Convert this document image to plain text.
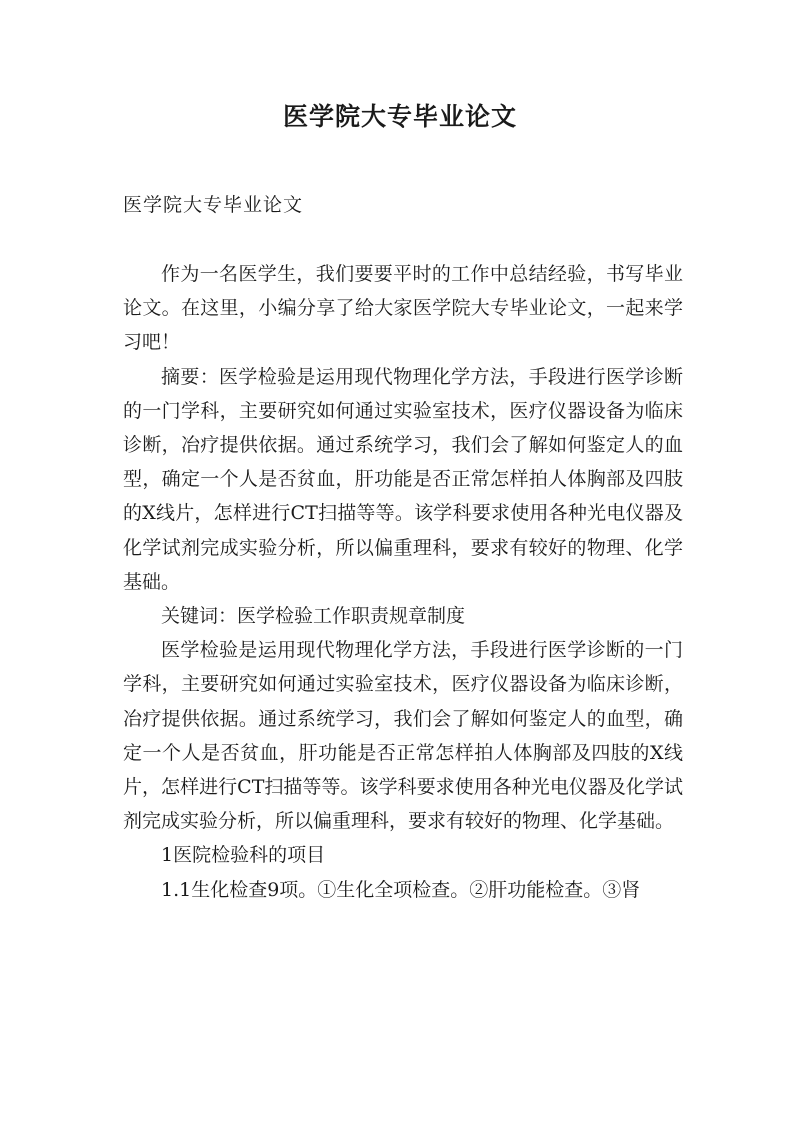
医学院大专毕业论文
医学院大专毕业论文

作为一名医学生，我们要要平时的工作中总结经验，书写毕业论文。在这里，小编分享了给大家医学院大专毕业论文，一起来学习吧！

摘要：医学检验是运用现代物理化学方法，手段进行医学诊断的一门学科，主要研究如何通过实验室技术，医疗仪器设备为临床诊断，冶疗提供依据。通过系统学习，我们会了解如何鉴定人的血型，确定一个人是否贫血，肝功能是否正常怎样拍人体胸部及四肢的X线片，怎样进行CT扫描等等。该学科要求使用各种光电仪器及化学试剂完成实验分析，所以偏重理科，要求有较好的物理、化学基础。

关键词：医学检验工作职责规章制度

医学检验是运用现代物理化学方法，手段进行医学诊断的一门学科，主要研究如何通过实验室技术，医疗仪器设备为临床诊断，冶疗提供依据。通过系统学习，我们会了解如何鉴定人的血型，确定一个人是否贫血，肝功能是否正常怎样拍人体胸部及四肢的X线片，怎样进行CT扫描等等。该学科要求使用各种光电仪器及化学试剂完成实验分析，所以偏重理科，要求有较好的物理、化学基础。

1医院检验科的项目

1.1生化检查9项。①生化全项检查。②肝功能检查。③肾
